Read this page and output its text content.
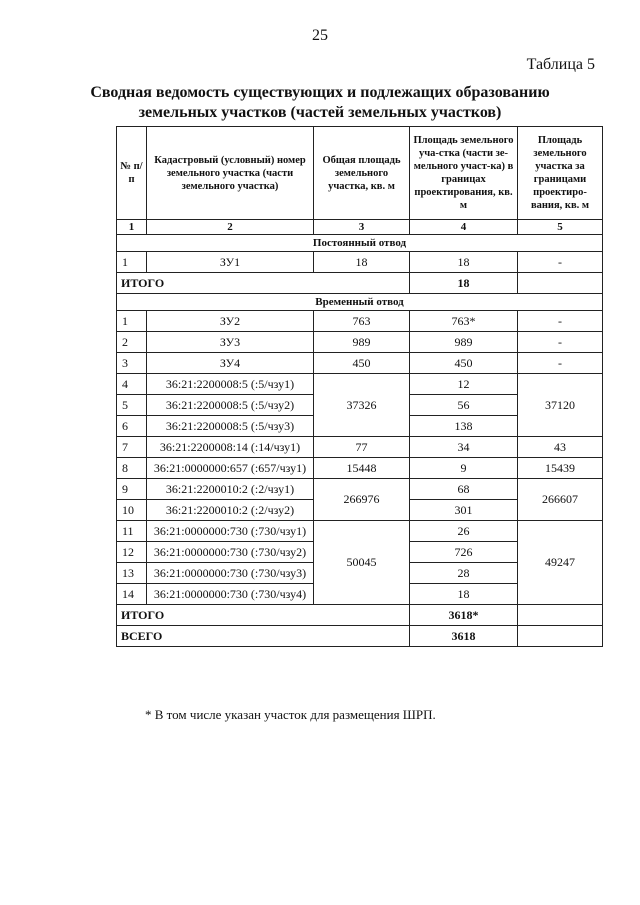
25
Таблица 5
Сводная ведомость существующих и подлежащих образованию
земельных участков (частей земельных участков)
№ п/п	Кадастровый (условный) номер земельного участка (части земельного участка)	Общая площадь земельного участка, кв. м	Площадь земельного уча-стка (части зе-мельного участ-ка) в границах проектирования, кв. м	Площадь земельного участка за границами проектиро-вания, кв. м
1	2	3	4	5
Постоянный отвод				
1	ЗУ1	18	18	-
ИТОГО			18	
Временный отвод				
1	ЗУ2	763	763*	-
2	ЗУ3	989	989	-
3	ЗУ4	450	450	-
4	36:21:2200008:5 (:5/чзу1)	37326	12	37120
5	36:21:2200008:5 (:5/чзу2)		56	
6	36:21:2200008:5 (:5/чзу3)		138	
7	36:21:2200008:14 (:14/чзу1)	77	34	43
8	36:21:0000000:657 (:657/чзу1)	15448	9	15439
9	36:21:2200010:2 (:2/чзу1)	266976	68	266607
10	36:21:2200010:2 (:2/чзу2)		301	
11	36:21:0000000:730 (:730/чзу1)	50045	26	49247
12	36:21:0000000:730 (:730/чзу2)		726	
13	36:21:0000000:730 (:730/чзу3)		28	
14	36:21:0000000:730 (:730/чзу4)		18	
ИТОГО			3618*	
ВСЕГО			3618	
* В том числе указан участок для размещения ШРП.
